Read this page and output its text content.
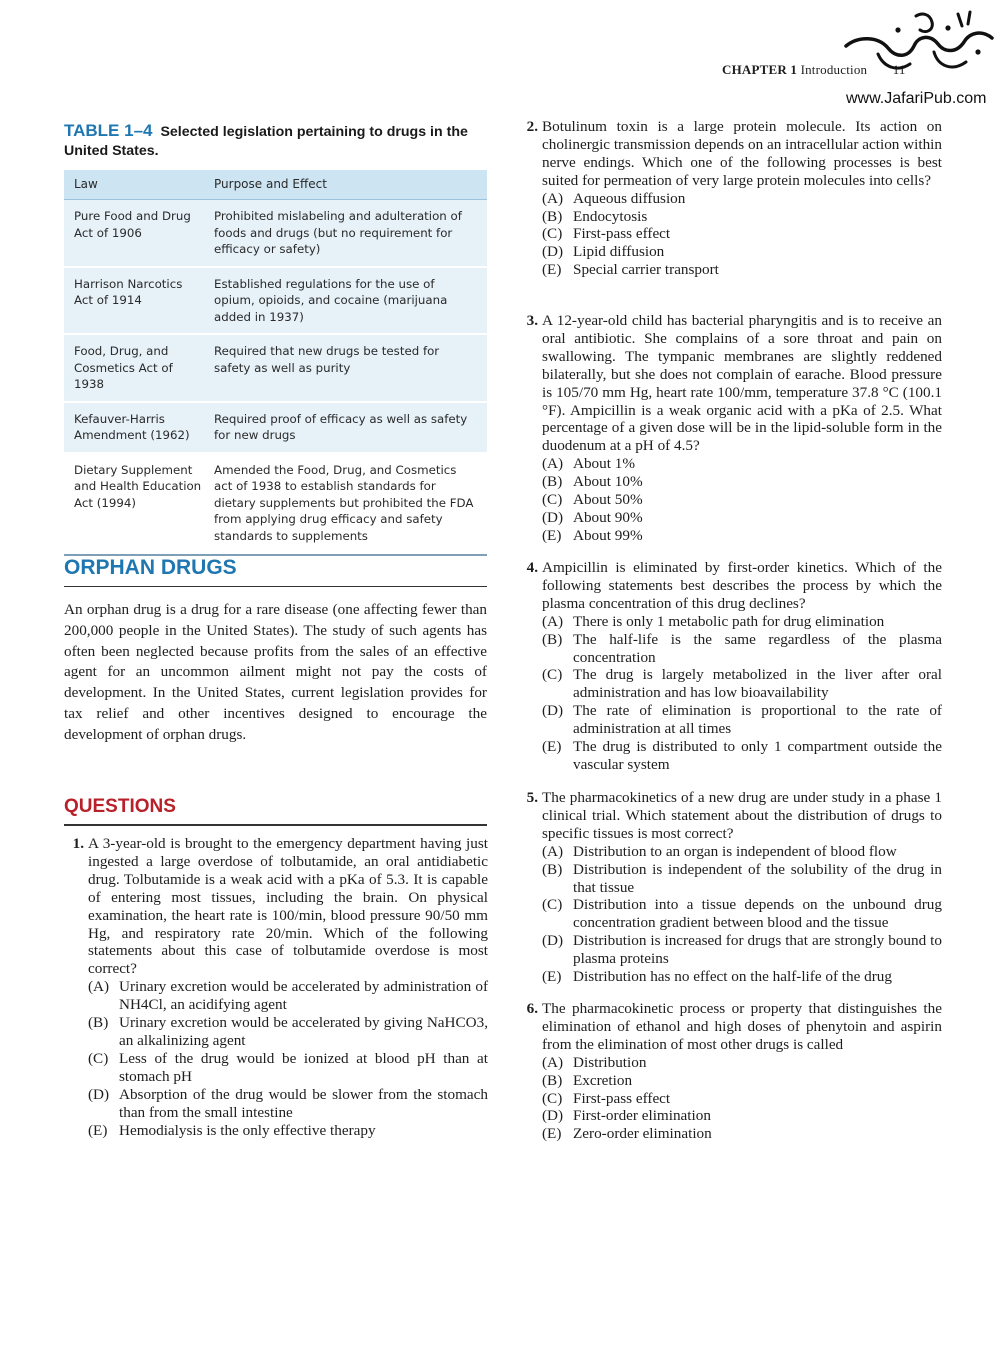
CHAPTER 1 Introduction 11
www.JafariPub.com
TABLE 1–4 Selected legislation pertaining to drugs in the United States.
Law	Purpose and Effect
Pure Food and Drug Act of 1906
Prohibited mislabeling and adulteration of foods and drugs (but no requirement for efficacy or safety)
Harrison Narcotics Act of 1914
Established regulations for the use of opium, opioids, and cocaine (marijuana added in 1937)
Food, Drug, and Cosmetics Act of 1938
Required that new drugs be tested for safety as well as purity
Kefauver-Harris Amendment (1962)
Required proof of efficacy as well as safety for new drugs
Dietary Supplement and Health Education Act (1994)
Amended the Food, Drug, and Cosmetics act of 1938 to establish standards for dietary supplements but prohibited the FDA from applying drug efficacy and safety standards to supplements
ORPHAN DRUGS
An orphan drug is a drug for a rare disease (one affecting fewer than 200,000 people in the United States). The study of such agents has often been neglected because profits from the sales of an effective agent for an uncommon ailment might not pay the costs of development. In the United States, current legislation provides for tax relief and other incentives designed to encourage the development of orphan drugs.
QUESTIONS
1. A 3-year-old is brought to the emergency department having just ingested a large overdose of tolbutamide, an oral antidiabetic drug. Tolbutamide is a weak acid with a pKa of 5.3. It is capable of entering most tissues, including the brain. On physical examination, the heart rate is 100/min, blood pressure 90/50 mm Hg, and respiratory rate 20/min. Which of the following statements about this case of tolbutamide overdose is most correct?
(A) Urinary excretion would be accelerated by administration of NH4Cl, an acidifying agent
(B) Urinary excretion would be accelerated by giving NaHCO3, an alkalinizing agent
(C) Less of the drug would be ionized at blood pH than at stomach pH
(D) Absorption of the drug would be slower from the stomach than from the small intestine
(E) Hemodialysis is the only effective therapy
2. Botulinum toxin is a large protein molecule. Its action on cholinergic transmission depends on an intracellular action within nerve endings. Which one of the following processes is best suited for permeation of very large protein molecules into cells?
(A) Aqueous diffusion
(B) Endocytosis
(C) First-pass effect
(D) Lipid diffusion
(E) Special carrier transport
3. A 12-year-old child has bacterial pharyngitis and is to receive an oral antibiotic. She complains of a sore throat and pain on swallowing. The tympanic membranes are slightly reddened bilaterally, but she does not complain of earache. Blood pressure is 105/70 mm Hg, heart rate 100/mm, temperature 37.8 °C (100.1 °F). Ampicillin is a weak organic acid with a pKa of 2.5. What percentage of a given dose will be in the lipid-soluble form in the duodenum at a pH of 4.5?
(A) About 1%
(B) About 10%
(C) About 50%
(D) About 90%
(E) About 99%
4. Ampicillin is eliminated by first-order kinetics. Which of the following statements best describes the process by which the plasma concentration of this drug declines?
(A) There is only 1 metabolic path for drug elimination
(B) The half-life is the same regardless of the plasma concentration
(C) The drug is largely metabolized in the liver after oral administration and has low bioavailability
(D) The rate of elimination is proportional to the rate of administration at all times
(E) The drug is distributed to only 1 compartment outside the vascular system
5. The pharmacokinetics of a new drug are under study in a phase 1 clinical trial. Which statement about the distribution of drugs to specific tissues is most correct?
(A) Distribution to an organ is independent of blood flow
(B) Distribution is independent of the solubility of the drug in that tissue
(C) Distribution into a tissue depends on the unbound drug concentration gradient between blood and the tissue
(D) Distribution is increased for drugs that are strongly bound to plasma proteins
(E) Distribution has no effect on the half-life of the drug
6. The pharmacokinetic process or property that distinguishes the elimination of ethanol and high doses of phenytoin and aspirin from the elimination of most other drugs is called
(A) Distribution
(B) Excretion
(C) First-pass effect
(D) First-order elimination
(E) Zero-order elimination
